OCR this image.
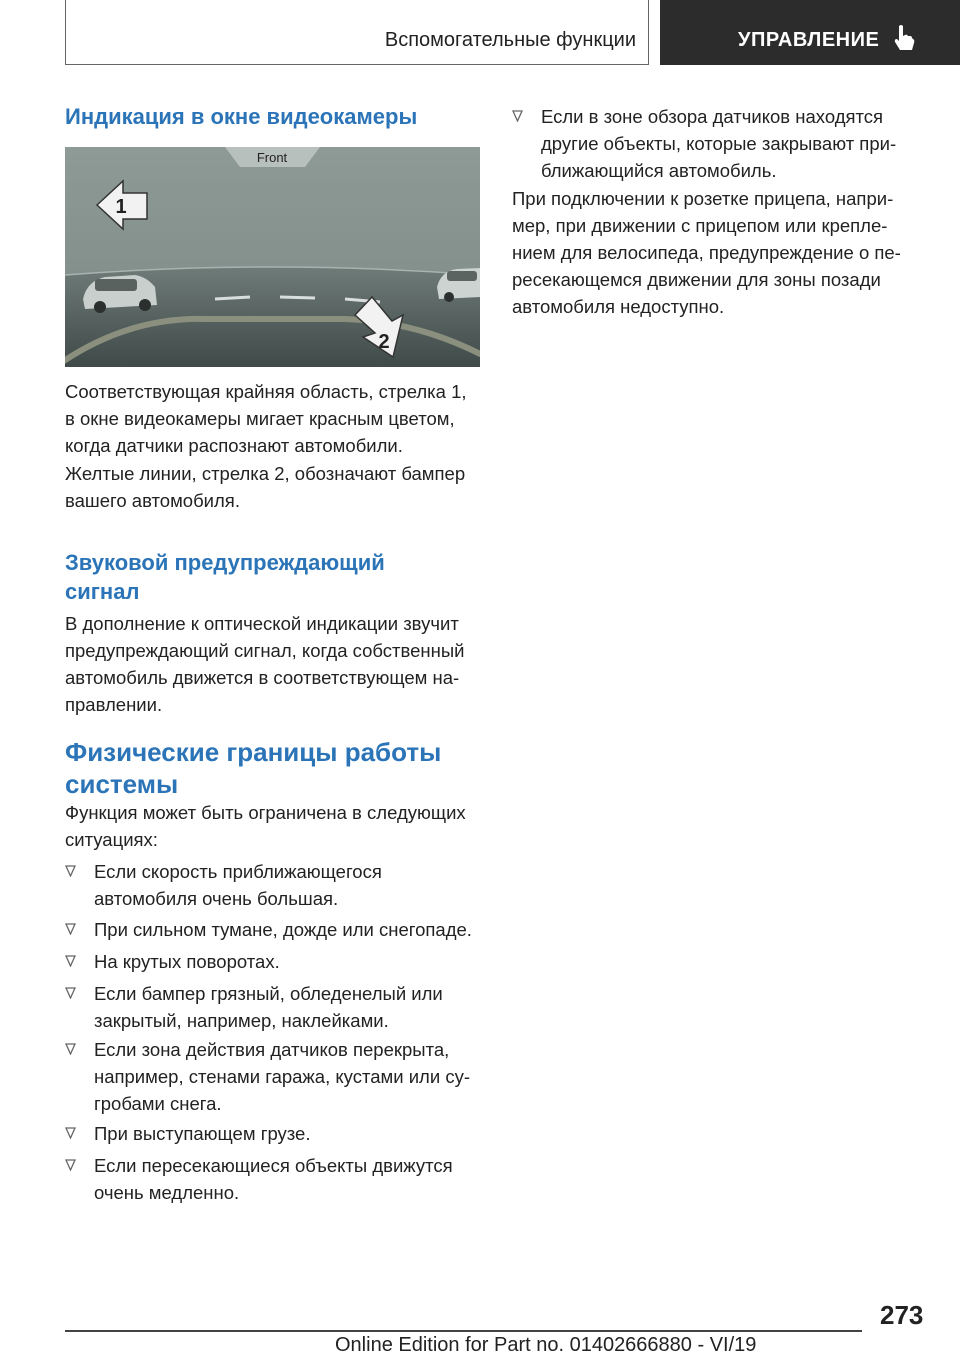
Вспомогательные функции	УПРАВЛЕНИЕ
Индикация в окне видеокамеры
Front
1
2
Соответствующая крайняя область, стрелка 1,
в окне видеокамеры мигает красным цветом,
когда датчики распознают автомобили.
Желтые линии, стрелка 2, обозначают бампер
вашего автомобиля.
Звуковой предупреждающий
сигнал
В дополнение к оптической индикации звучит
предупреждающий сигнал, когда собственный
автомобиль движется в соответствующем на‐
правлении.
Физические границы работы
системы
Функция может быть ограничена в следующих
ситуациях:
Если скорость приближающегося
автомобиля очень большая.
При сильном тумане, дожде или снегопаде.
На крутых поворотах.
Если бампер грязный, обледенелый или
закрытый, например, наклейками.
Если зона действия датчиков перекрыта,
например, стенами гаража, кустами или су‐
гробами снега.
При выступающем грузе.
Если пересекающиеся объекты движутся
очень медленно.
Если в зоне обзора датчиков находятся
другие объекты, которые закрывают при‐
ближающийся автомобиль.
При подключении к розетке прицепа, напри‐
мер, при движении с прицепом или крепле‐
нием для велосипеда, предупреждение о пе‐
ресекающемся движении для зоны позади
автомобиля недоступно.
273
Online Edition for Part no. 01402666880 - VI/19
